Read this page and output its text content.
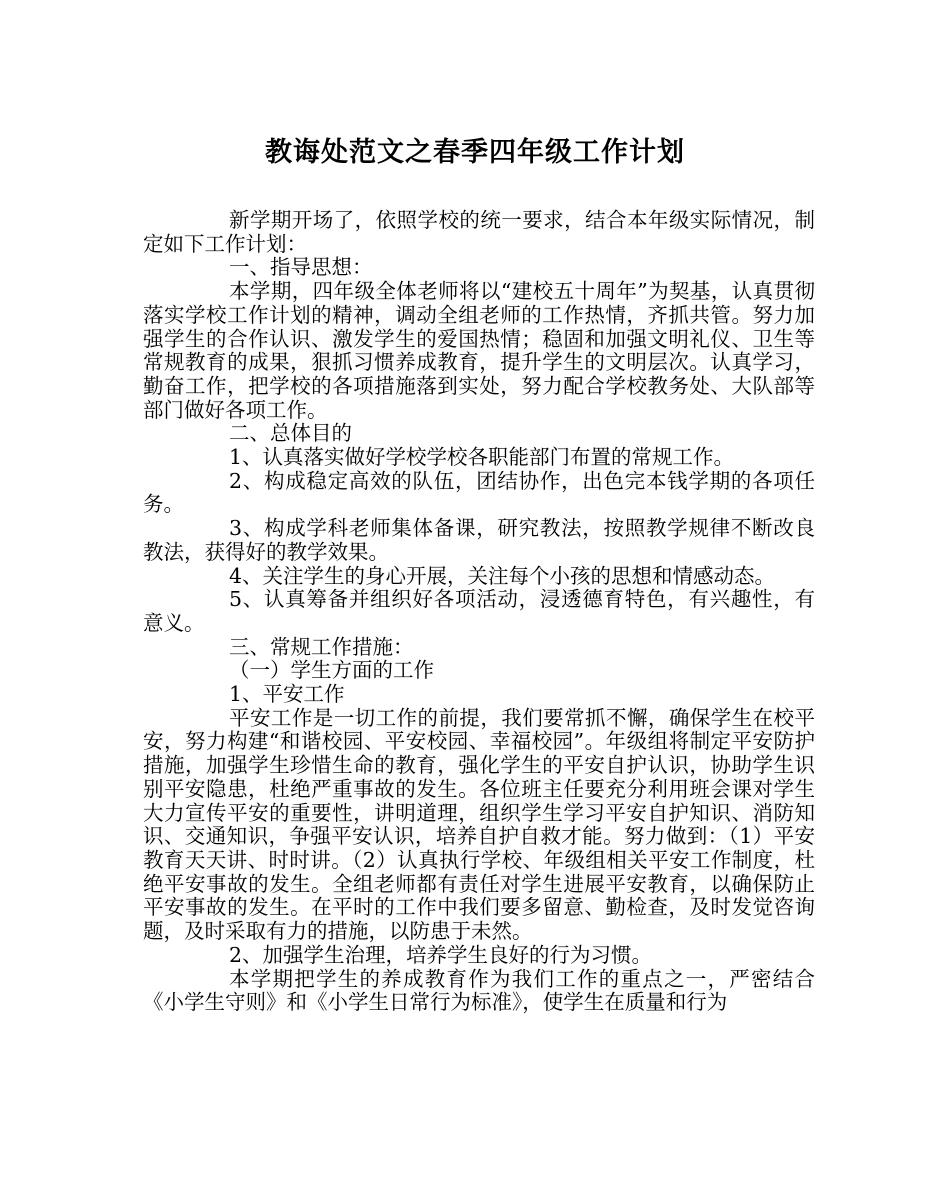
教诲处范文之春季四年级工作计划

新学期开场了，依照学校的统一要求，结合本年级实际情况，制定如下工作计划：

一、指导思想：

本学期，四年级全体老师将以“建校五十周年”为契基，认真贯彻落实学校工作计划的精神，调动全组老师的工作热情，齐抓共管。努力加强学生的合作认识、激发学生的爱国热情；稳固和加强文明礼仪、卫生等常规教育的成果，狠抓习惯养成教育，提升学生的文明层次。认真学习，勤奋工作，把学校的各项措施落到实处，努力配合学校教务处、大队部等部门做好各项工作。

二、总体目的

1、认真落实做好学校学校各职能部门布置的常规工作。

2、构成稳定高效的队伍，团结协作，出色完本钱学期的各项任务。

3、构成学科老师集体备课，研究教法，按照教学规律不断改良教法，获得好的教学效果。

4、关注学生的身心开展，关注每个小孩的思想和情感动态。

5、认真筹备并组织好各项活动，浸透德育特色，有兴趣性，有意义。

三、常规工作措施：

（一）学生方面的工作

1、平安工作

平安工作是一切工作的前提，我们要常抓不懈，确保学生在校平安，努力构建“和谐校园、平安校园、幸福校园”。年级组将制定平安防护措施，加强学生珍惜生命的教育，强化学生的平安自护认识，协助学生识别平安隐患，杜绝严重事故的发生。各位班主任要充分利用班会课对学生大力宣传平安的重要性，讲明道理，组织学生学习平安自护知识、消防知识、交通知识，争强平安认识，培养自护自救才能。努力做到：（1）平安教育天天讲、时时讲。（2）认真执行学校、年级组相关平安工作制度，杜绝平安事故的发生。全组老师都有责任对学生进展平安教育，以确保防止平安事故的发生。在平时的工作中我们要多留意、勤检查，及时发觉咨询题，及时采取有力的措施，以防患于未然。

2、加强学生治理，培养学生良好的行为习惯。

本学期把学生的养成教育作为我们工作的重点之一，严密结合《小学生守则》和《小学生日常行为标准》，使学生在质量和行为
